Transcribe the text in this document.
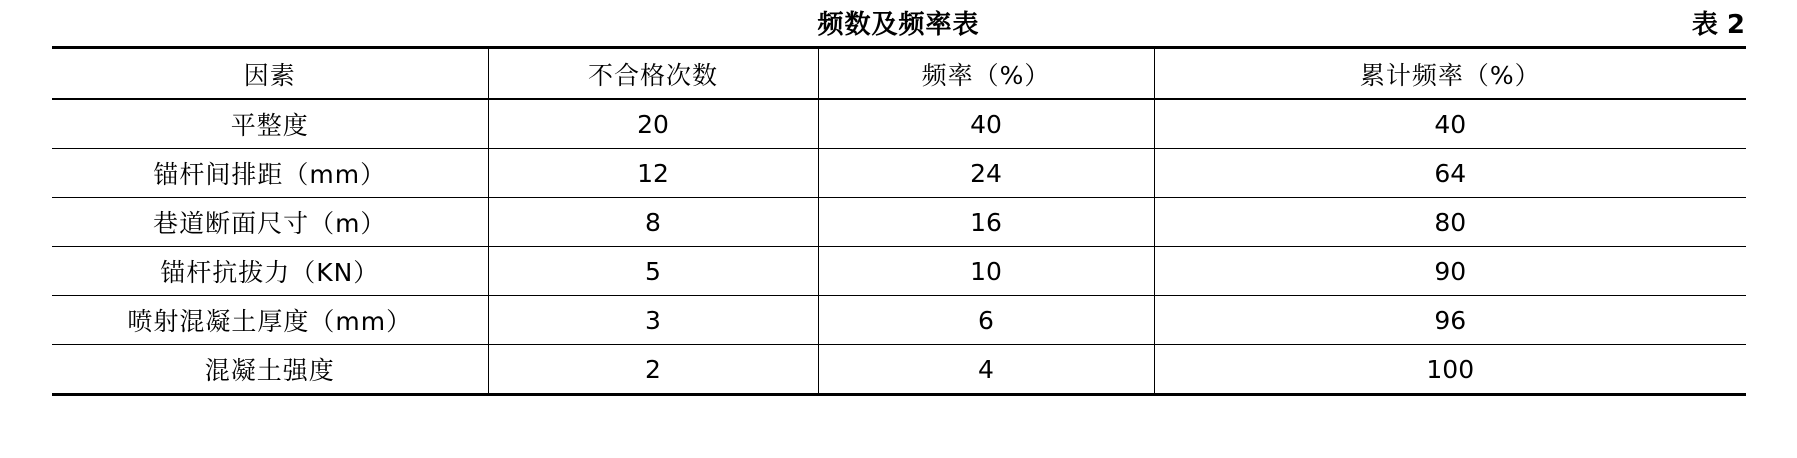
频数及频率表	表 2
因素	不合格次数	频率（%）	累计频率（%）
平整度	20	40	40
锚杆间排距（mm）	12	24	64
巷道断面尺寸（m）	8	16	80
锚杆抗拔力（KN）	5	10	90
喷射混凝土厚度（mm）	3	6	96
混凝土强度	2	4	100
